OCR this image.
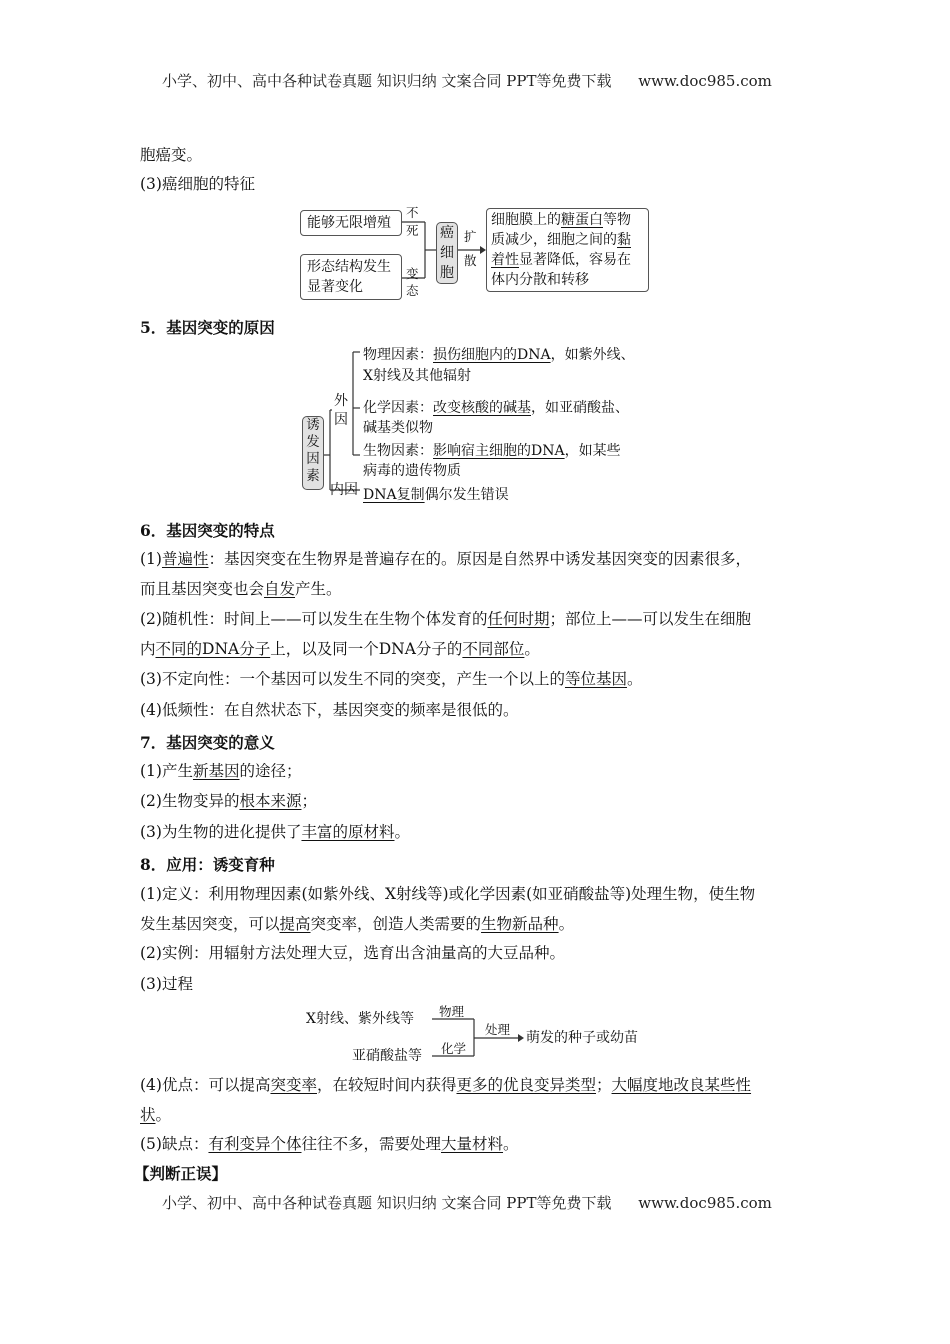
小学、初中、高中各种试卷真题 知识归纳 文案合同 PPT等免费下载 www.doc985.com
胞癌变。
(3)癌细胞的特征
能够无限增殖
不
死
形态结构发生
显著变化
变
态
癌
细
胞
扩
散
细胞膜上的糖蛋白等物
质减少，细胞之间的黏
着性显著降低，容易在
体内分散和转移
5．基因突变的原因
诱
发
因
素
外
因
内因
物理因素：损伤细胞内的DNA，如紫外线、
X射线及其他辐射
化学因素：改变核酸的碱基，如亚硝酸盐、
碱基类似物
生物因素：影响宿主细胞的DNA，如某些
病毒的遗传物质
DNA复制偶尔发生错误
6．基因突变的特点
(1)普遍性：基因突变在生物界是普遍存在的。原因是自然界中诱发基因突变的因素很多，
而且基因突变也会自发产生。
(2)随机性：时间上——可以发生在生物个体发育的任何时期；部位上——可以发生在细胞
内不同的DNA分子上，以及同一个DNA分子的不同部位。
(3)不定向性：一个基因可以发生不同的突变，产生一个以上的等位基因。
(4)低频性：在自然状态下，基因突变的频率是很低的。
7．基因突变的意义
(1)产生新基因的途径；
(2)生物变异的根本来源；
(3)为生物的进化提供了丰富的原材料。
8．应用：诱变育种
(1)定义：利用物理因素(如紫外线、X射线等)或化学因素(如亚硝酸盐等)处理生物，使生物
发生基因突变，可以提高突变率，创造人类需要的生物新品种。
(2)实例：用辐射方法处理大豆，选育出含油量高的大豆品种。
(3)过程
X射线、紫外线等 物理
亚硝酸盐等 化学
处理
萌发的种子或幼苗
(4)优点：可以提高突变率，在较短时间内获得更多的优良变异类型；大幅度地改良某些性
状。
(5)缺点：有利变异个体往往不多，需要处理大量材料。
【判断正误】
小学、初中、高中各种试卷真题 知识归纳 文案合同 PPT等免费下载 www.doc985.com
